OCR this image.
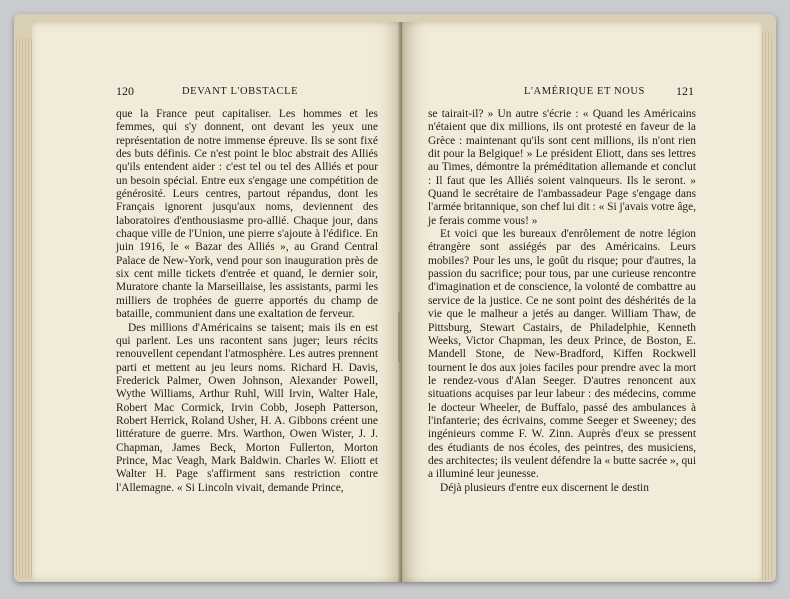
120	DEVANT L'OBSTACLE

que la France peut capitaliser. Les hommes et les femmes, qui s'y donnent, ont devant les yeux une représentation de notre immense épreuve. Ils se sont fixé des buts définis. Ce n'est point le bloc abstrait des Alliés qu'ils entendent aider : c'est tel ou tel des Alliés et pour un besoin spécial. Entre eux s'engage une compétition de générosité. Leurs centres, partout répandus, dont les Français ignorent jusqu'aux noms, deviennent des laboratoires d'enthousiasme pro-allié. Chaque jour, dans chaque ville de l'Union, une pierre s'ajoute à l'édifice. En juin 1916, le « Bazar des Alliés », au Grand Central Palace de New-York, vend pour son inauguration près de six cent mille tickets d'entrée et quand, le dernier soir, Muratore chante la Marseillaise, les assistants, parmi les milliers de trophées de guerre apportés du champ de bataille, communient dans une exaltation de ferveur.

Des millions d'Américains se taisent; mais ils en est qui parlent. Les uns racontent sans juger; leurs récits renouvellent cependant l'atmosphère. Les autres prennent parti et mettent au jeu leurs noms. Richard H. Davis, Frederick Palmer, Owen Johnson, Alexander Powell, Wythe Williams, Arthur Ruhl, Will Irvin, Walter Hale, Robert Mac Cormick, Irvin Cobb, Joseph Patterson, Robert Herrick, Roland Usher, H. A. Gibbons créent une littérature de guerre. Mrs. Warthon, Owen Wister, J. J. Chapman, James Beck, Morton Fullerton, Morton Prince, Mac Veagh, Mark Baldwin. Charles W. Eliott et Walter H. Page s'affirment sans restriction contre l'Allemagne. « Si Lincoln vivait, demande Prince,

L'AMÉRIQUE ET NOUS	121

se tairait-il? » Un autre s'écrie : « Quand les Américains n'étaient que dix millions, ils ont protesté en faveur de la Grèce : maintenant qu'ils sont cent millions, ils n'ont rien dit pour la Belgique! » Le président Eliott, dans ses lettres au Times, démontre la préméditation allemande et conclut : Il faut que les Alliés soient vainqueurs. Ils le seront. » Quand le secrétaire de l'ambassadeur Page s'engage dans l'armée britannique, son chef lui dit : « Si j'avais votre âge, je ferais comme vous! »

Et voici que les bureaux d'enrôlement de notre légion étrangère sont assiégés par des Américains. Leurs mobiles? Pour les uns, le goût du risque; pour d'autres, la passion du sacrifice; pour tous, par une curieuse rencontre d'imagination et de conscience, la volonté de combattre au service de la justice. Ce ne sont point des déshérités de la vie que le malheur a jetés au danger. William Thaw, de Pittsburg, Stewart Castairs, de Philadelphie, Kenneth Weeks, Victor Chapman, les deux Prince, de Boston, E. Mandell Stone, de New-Bradford, Kiffen Rockwell tournent le dos aux joies faciles pour prendre avec la mort le rendez-vous d'Alan Seeger. D'autres renoncent aux situations acquises par leur labeur : des médecins, comme le docteur Wheeler, de Buffalo, passé des ambulances à l'infanterie; des écrivains, comme Seeger et Sweeney; des ingénieurs comme F. W. Zinn. Auprès d'eux se pressent des étudiants de nos écoles, des peintres, des musiciens, des architectes; ils veulent défendre la « butte sacrée », qui a illuminé leur jeunesse.

Déjà plusieurs d'entre eux discernent le destin
